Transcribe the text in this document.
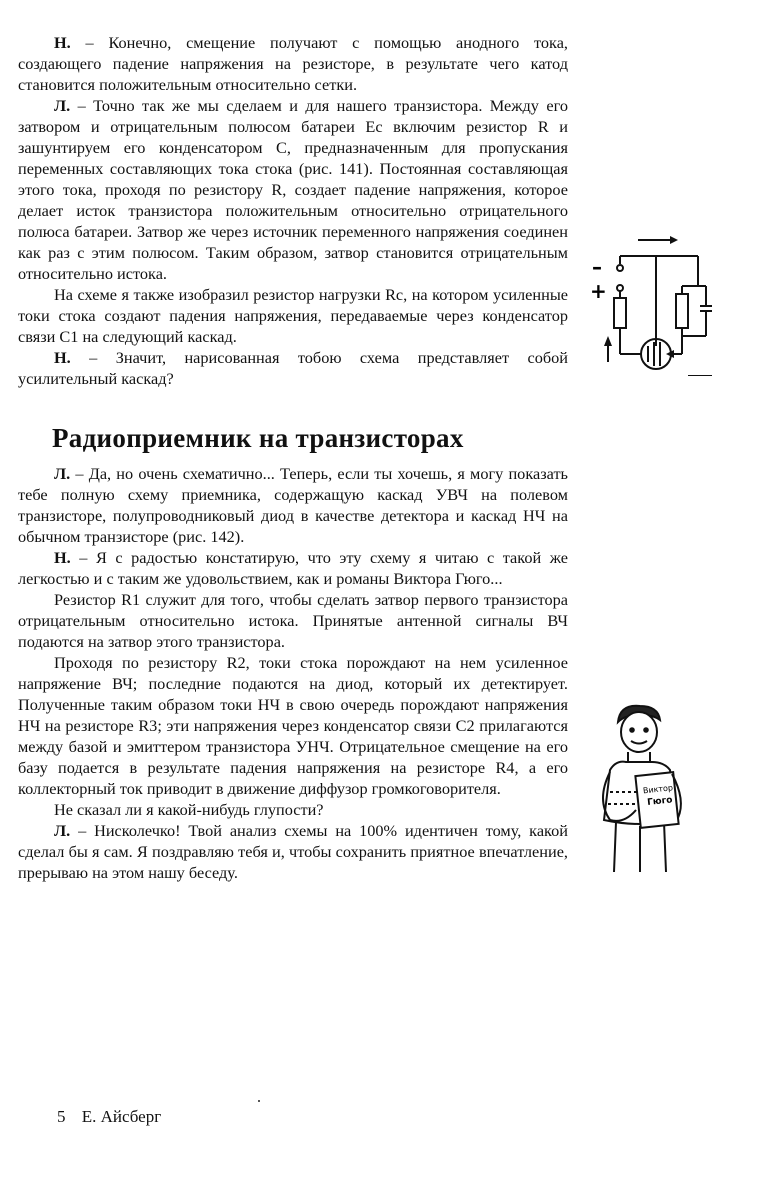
Н. – Конечно, смещение получают с помощью анодного тока, создающего падение напряжения на резисторе, в результате чего катод становится положительным относительно сетки.

Л. – Точно так же мы сделаем и для нашего транзистора. Между его затвором и отрицательным полюсом батареи Eс включим резистор R и зашунтируем его конденсатором C, предназначенным для пропускания переменных составляющих тока стока (рис. 141). Постоянная составляющая этого тока, проходя по резистору R, создает падение напряжения, которое делает исток транзистора положительным относительно отрицательного полюса батареи. Затвор же через источник переменного напряжения соединен как раз с этим полюсом. Таким образом, затвор становится отрицательным относительно истока.

На схеме я также изобразил резистор нагрузки Rс, на котором усиленные токи стока создают падения напряжения, передаваемые через конденсатор связи C1 на следующий каскад.

Н. – Значит, нарисованная тобою схема представляет собой усилительный каскад?

Радиоприемник на транзисторах

Л. – Да, но очень схематично... Теперь, если ты хочешь, я могу показать тебе полную схему приемника, содержащую каскад УВЧ на полевом транзисторе, полупроводниковый диод в качестве детектора и каскад НЧ на обычном транзисторе (рис. 142).

Н. – Я с радостью констатирую, что эту схему я читаю с такой же легкостью и с таким же удовольствием, как и романы Виктора Гюго...

Резистор R1 служит для того, чтобы сделать затвор первого транзистора отрицательным относительно истока. Принятые антенной сигналы ВЧ подаются на затвор этого транзистора.

Проходя по резистору R2, токи стока порождают на нем усиленное напряжение ВЧ; последние подаются на диод, который их детектирует. Полученные таким образом токи НЧ в свою очередь порождают напряжения НЧ на резисторе R3; эти напряжения через конденсатор связи C2 прилагаются между базой и эмиттером транзистора УНЧ. Отрицательное смещение на его базу подается в результате падения напряжения на резисторе R4, а его коллекторный ток приводит в движение диффузор громкоговорителя.

Не сказал ли я какой-нибудь глупости?

Л. – Нисколечко! Твой анализ схемы на 100% идентичен тому, какой сделал бы я сам. Я поздравляю тебя и, чтобы сохранить приятное впечатление, прерываю на этом нашу беседу.

–
+
Виктор
Гюго
5 Е. Айсберг
